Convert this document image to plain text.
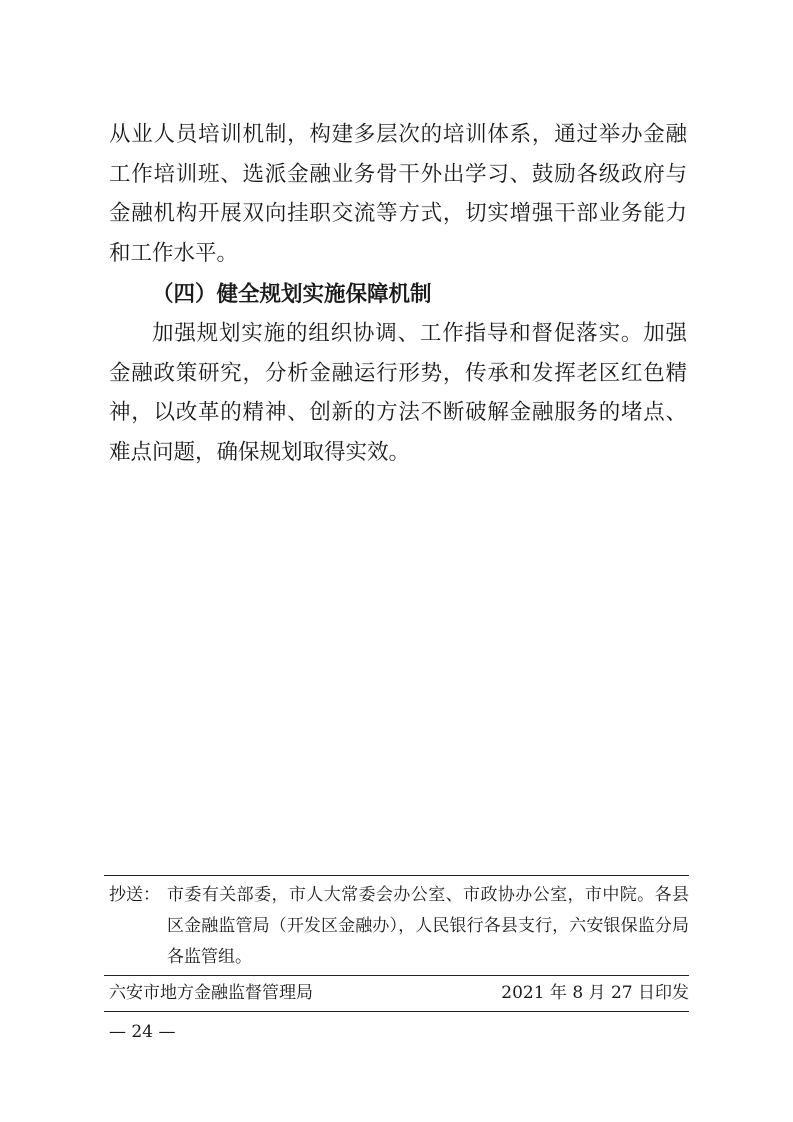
从业人员培训机制，构建多层次的培训体系，通过举办金融工作培训班、选派金融业务骨干外出学习、鼓励各级政府与金融机构开展双向挂职交流等方式，切实增强干部业务能力和工作水平。

（四）健全规划实施保障机制

加强规划实施的组织协调、工作指导和督促落实。加强金融政策研究，分析金融运行形势，传承和发挥老区红色精神，以改革的精神、创新的方法不断破解金融服务的堵点、难点问题，确保规划取得实效。

抄送： 市委有关部委，市人大常委会办公室、市政协办公室，市中院。各县区金融监管局（开发区金融办），人民银行各县支行，六安银保监分局各监管组。
六安市地方金融监督管理局	2021 年 8 月 27 日印发
— 24 —
